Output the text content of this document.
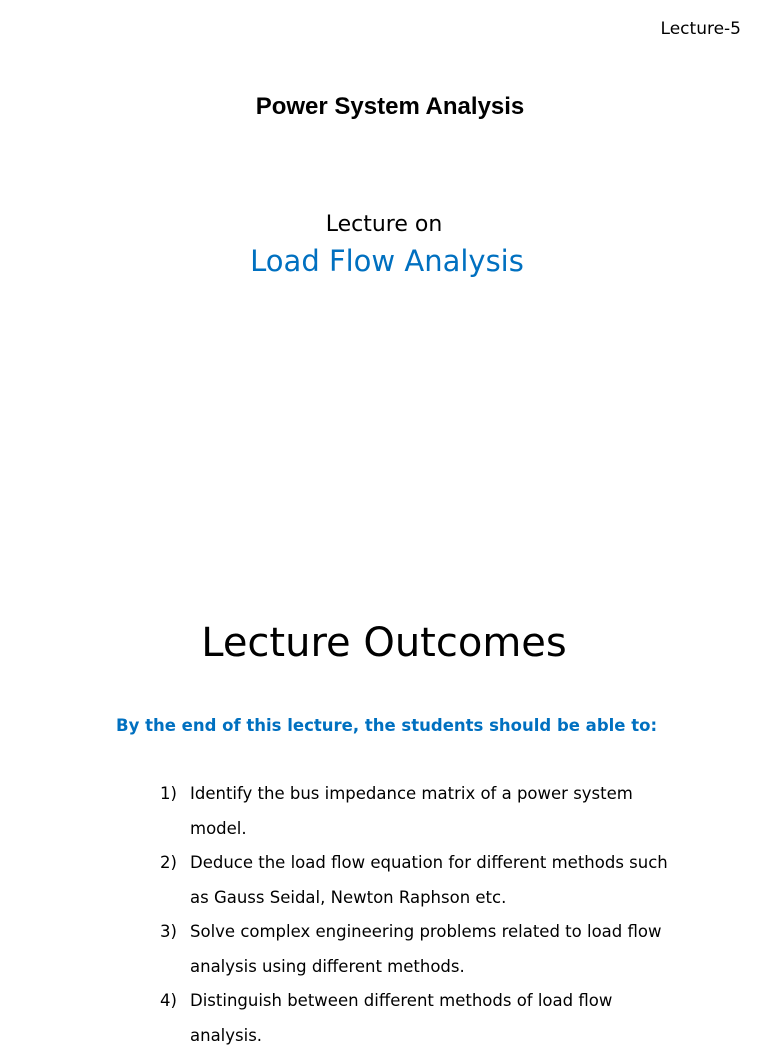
Lecture-5
Power System Analysis
Lecture on
Load Flow Analysis
Lecture Outcomes
By the end of this lecture, the students should be able to:
1) Identify the bus impedance matrix of a power system model.
2) Deduce the load flow equation for different methods such as Gauss Seidal, Newton Raphson etc.
3) Solve complex engineering problems related to load flow analysis using different methods.
4) Distinguish between different methods of load flow analysis.
